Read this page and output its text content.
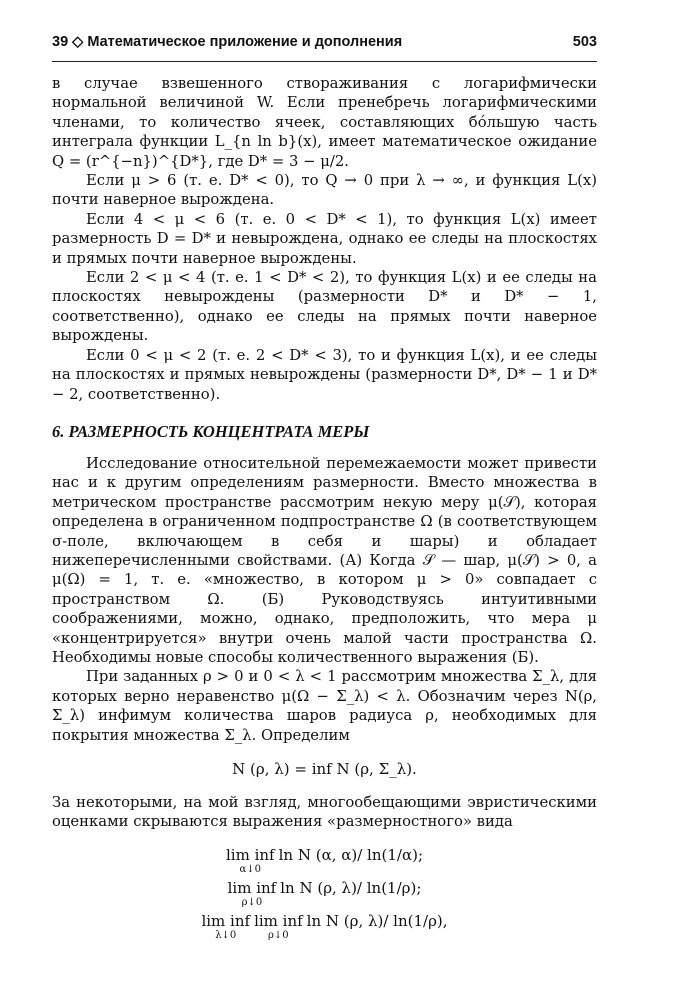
39 ◇ Математическое приложение и дополнения	503

в случае взвешенного створаживания с логарифмически нормальной величиной W. Если пренебречь логарифмическими членами, то количество ячеек, составляющих бóльшую часть интеграла функции L_{n ln b}(x), имеет математическое ожидание Q = (r^{−n})^{D*}, где D* = 3 − μ/2.

Если μ > 6 (т. е. D* < 0), то Q → 0 при λ → ∞, и функция L(x) почти наверное вырождена.

Если 4 < μ < 6 (т. е. 0 < D* < 1), то функция L(x) имеет размерность D = D* и невырождена, однако ее следы на плоскостях и прямых почти наверное вырождены.

Если 2 < μ < 4 (т. е. 1 < D* < 2), то функция L(x) и ее следы на плоскостях невырождены (размерности D* и D* − 1, соответственно), однако ее следы на прямых почти наверное вырождены.

Если 0 < μ < 2 (т. е. 2 < D* < 3), то и функция L(x), и ее следы на плоскостях и прямых невырождены (размерности D*, D* − 1 и D* − 2, соответственно).

6. РАЗМЕРНОСТЬ КОНЦЕНТРАТА МЕРЫ

Исследование относительной перемежаемости может привести нас и к другим определениям размерности. Вместо множества в метрическом пространстве рассмотрим некую меру μ(𝒮), которая определена в ограниченном подпространстве Ω (в соответствующем σ-поле, включающем в себя и шары) и обладает нижеперечисленными свойствами. (А) Когда 𝒮 — шар, μ(𝒮) > 0, а μ(Ω) = 1, т. е. «множество, в котором μ > 0» совпадает с пространством Ω. (Б) Руководствуясь интуитивными соображениями, можно, однако, предположить, что мера μ «концентрируется» внутри очень малой части пространства Ω. Необходимы новые способы количественного выражения (Б).

При заданных ρ > 0 и 0 < λ < 1 рассмотрим множества Σ_λ, для которых верно неравенство μ(Ω − Σ_λ) < λ. Обозначим через N(ρ, Σ_λ) инфимум количества шаров радиуса ρ, необходимых для покрытия множества Σ_λ. Определим

N (ρ, λ) = inf N (ρ, Σ_λ).

За некоторыми, на мой взгляд, многообещающими эвристическими оценками скрываются выражения «размерностного» вида

lim inf
α↓0
ln N (α, α)/ ln(1/α);
lim inf
ρ↓0
ln N (ρ, λ)/ ln(1/ρ);
lim inf
λ↓0
lim inf
ρ↓0
ln N (ρ, λ)/ ln(1/ρ),
